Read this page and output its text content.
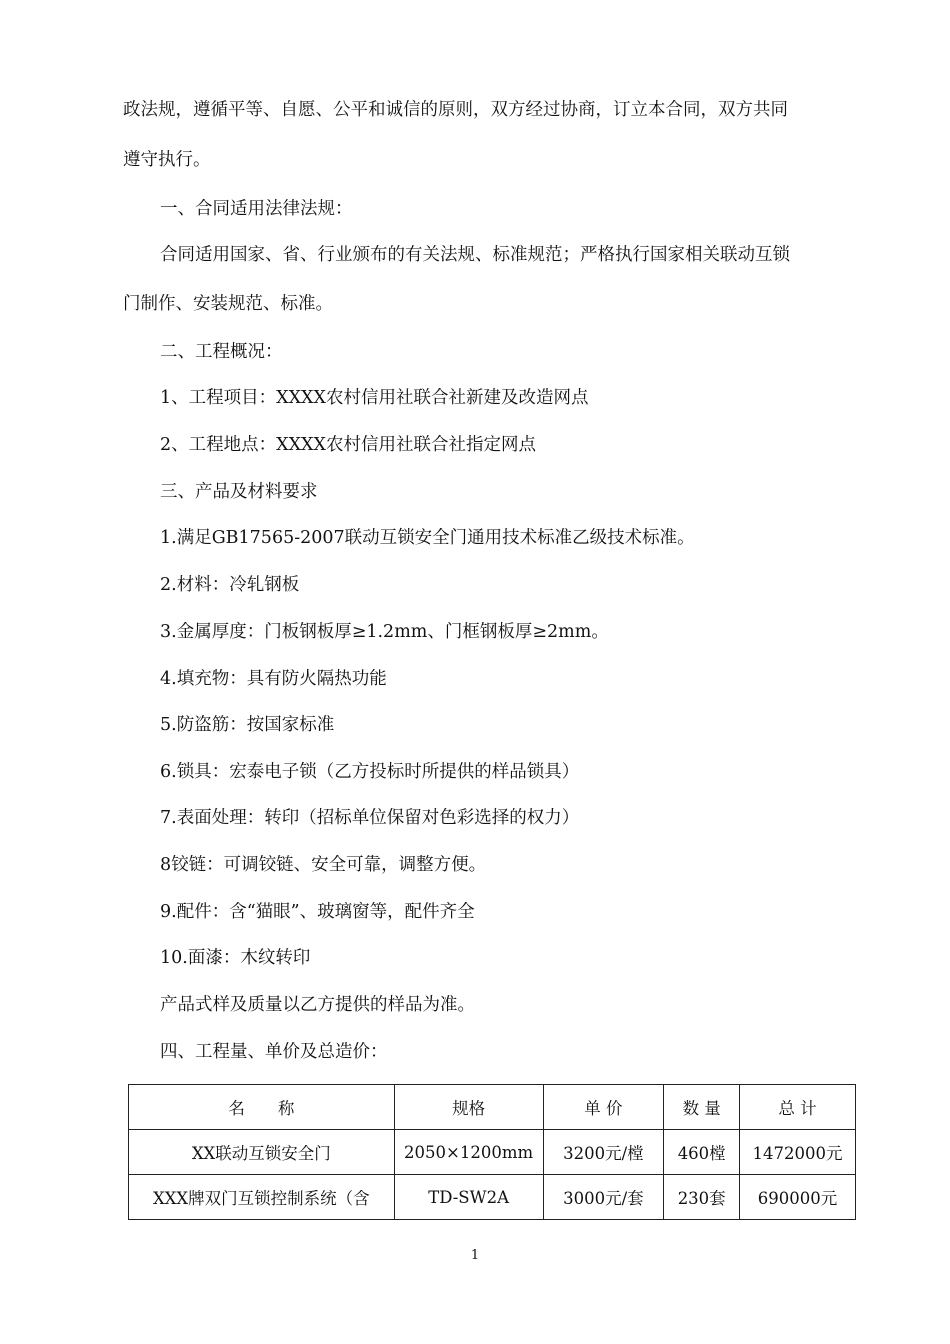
政法规，遵循平等、自愿、公平和诚信的原则，双方经过协商，订立本合同，双方共同
遵守执行。
一、合同适用法律法规：
合同适用国家、省、行业颁布的有关法规、标准规范；严格执行国家相关联动互锁
门制作、安装规范、标准。
二、工程概况：
1、工程项目：XXXX农村信用社联合社新建及改造网点
2、工程地点：XXXX农村信用社联合社指定网点
三、产品及材料要求
1.满足GB17565-2007联动互锁安全门通用技术标准乙级技术标准。
2.材料：冷轧钢板
3.金属厚度：门板钢板厚≥1.2mm、门框钢板厚≥2mm。
4.填充物：具有防火隔热功能
5.防盗筋：按国家标准
6.锁具：宏泰电子锁（乙方投标时所提供的样品锁具）
7.表面处理：转印（招标单位保留对色彩选择的权力）
8铰链：可调铰链、安全可靠，调整方便。
9.配件：含“猫眼”、玻璃窗等，配件齐全
10.面漆：木纹转印
产品式样及质量以乙方提供的样品为准。
四、工程量、单价及总造价：
名　　称	规格	单 价	数 量	总 计
XX联动互锁安全门	2050×1200mm	3200元/樘	460樘	1472000元
XXX牌双门互锁控制系统（含	TD-SW2A	3000元/套	230套	690000元
1
